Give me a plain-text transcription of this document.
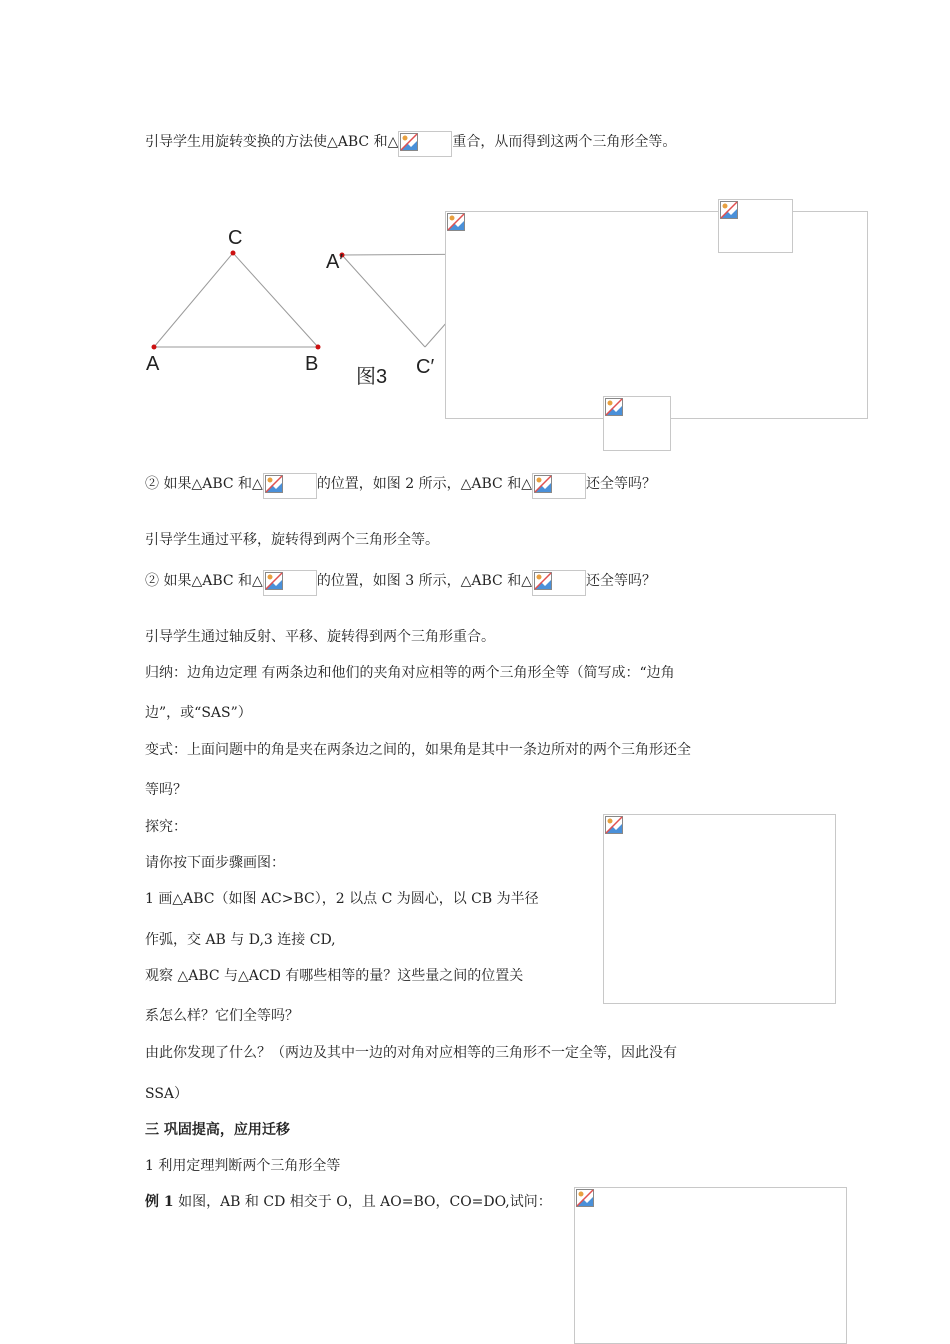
引导学生用旋转变换的方法使△ABC 和△	重合，从而得到这两个三角形全等。
C
A	B
A′
C′
图3
② 如果△ABC 和△	的位置，如图 2 所示，△ABC 和△	还全等吗？
引导学生通过平移，旋转得到两个三角形全等。
② 如果△ABC 和△	的位置，如图 3 所示，△ABC 和△	还全等吗？
引导学生通过轴反射、平移、旋转得到两个三角形重合。
归纳：边角边定理 有两条边和他们的夹角对应相等的两个三角形全等（简写成：“边角
边”，或“SAS”）
变式：上面问题中的角是夹在两条边之间的，如果角是其中一条边所对的两个三角形还全
等吗？
探究：
请你按下面步骤画图：
1 画△ABC（如图 AC>BC），2 以点 C 为圆心，以 CB 为半径
作弧，交 AB 与 D,3 连接 CD,
观察 △ABC 与△ACD 有哪些相等的量？这些量之间的位置关
系怎么样？它们全等吗？
由此你发现了什么？（两边及其中一边的对角对应相等的三角形不一定全等，因此没有
SSA）
三 巩固提高，应用迁移
1 利用定理判断两个三角形全等
例 1 如图，AB 和 CD 相交于 O，且 AO=BO，CO=DO,试问：
